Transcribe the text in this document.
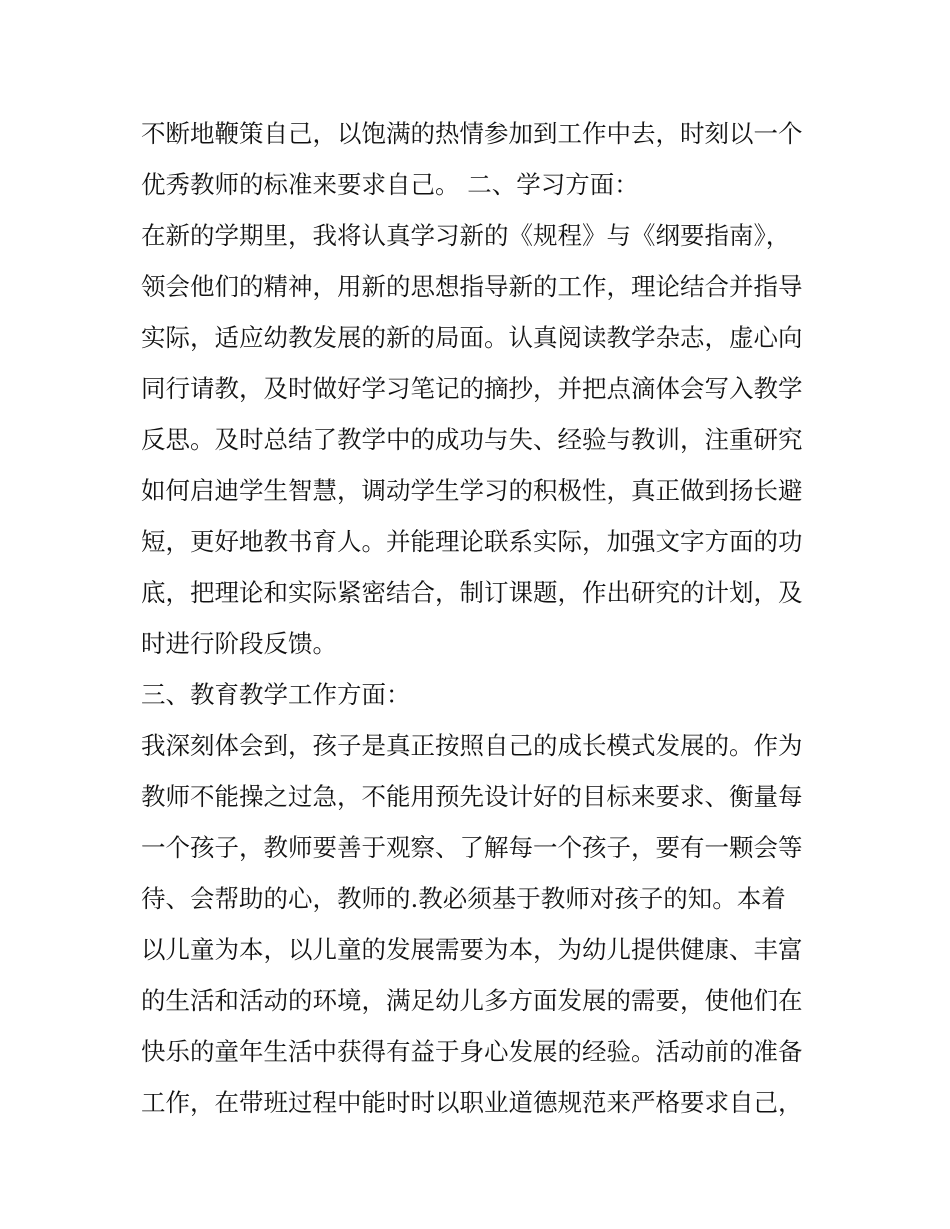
不断地鞭策自己，以饱满的热情参加到工作中去，时刻以一个
优秀教师的标准来要求自己。 二、学习方面：
在新的学期里，我将认真学习新的《规程》与《纲要指南》，
领会他们的精神，用新的思想指导新的工作，理论结合并指导
实际，适应幼教发展的新的局面。认真阅读教学杂志，虚心向
同行请教，及时做好学习笔记的摘抄，并把点滴体会写入教学
反思。及时总结了教学中的成功与失、经验与教训，注重研究
如何启迪学生智慧，调动学生学习的积极性，真正做到扬长避
短，更好地教书育人。并能理论联系实际，加强文字方面的功
底，把理论和实际紧密结合，制订课题，作出研究的计划，及
时进行阶段反馈。
三、教育教学工作方面：
我深刻体会到，孩子是真正按照自己的成长模式发展的。作为
教师不能操之过急，不能用预先设计好的目标来要求、衡量每
一个孩子，教师要善于观察、了解每一个孩子，要有一颗会等
待、会帮助的心，教师的.教必须基于教师对孩子的知。本着
以儿童为本，以儿童的发展需要为本，为幼儿提供健康、丰富
的生活和活动的环境，满足幼儿多方面发展的需要，使他们在
快乐的童年生活中获得有益于身心发展的经验。活动前的准备
工作，在带班过程中能时时以职业道德规范来严格要求自己，
